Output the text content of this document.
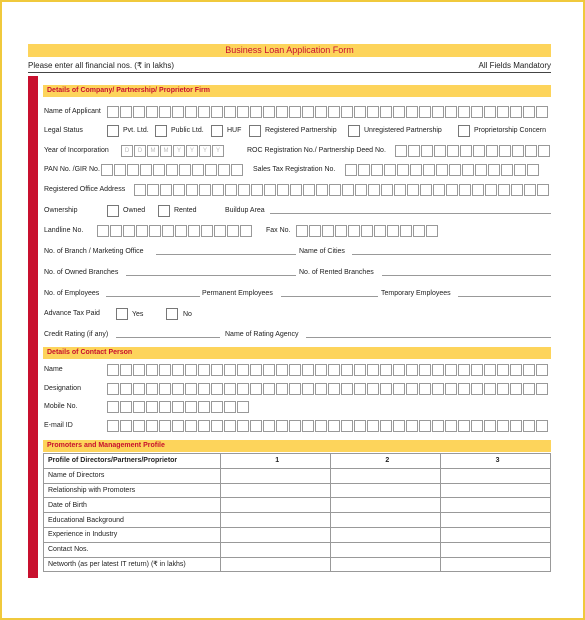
Business Loan Application Form
Please enter all financial nos. (₹ in lakhs)	All Fields Mandatory
Details of Company/ Partnership/ Proprietor Firm
Name of Applicant
Legal Status	Pvt. Ltd.	Public Ltd.	HUF	Registered Partnership	Unregistered Partnership	Proprietorship Concern
Year of Incorporation	D	D	M	M	Y	Y	Y	Y	ROC Registration No./ Partnership Deed No.
PAN No. /GIR No.	Sales Tax Registration No.
Registered Office Address
Ownership	Owned	Rented	Buildup Area
Landline No.	Fax No.
No. of Branch / Marketing Office	Name of Cities
No. of Owned Branches	No. of Rented Branches
No. of Employees	Permanent Employees	Temporary Employees
Advance Tax Paid	Yes	No
Credit Rating (if any)	Name of Rating Agency
Details of Contact Person
Name
Designation
Mobile No.
E-mail ID
Promoters and Management Profile
Profile of Directors/Partners/Proprietor	1	2	3
Name of Directors			
Relationship with Promoters			
Date of Birth			
Educational Background			
Experience in Industry			
Contact Nos.			
Networth (as per latest IT return) (₹ in lakhs)			
